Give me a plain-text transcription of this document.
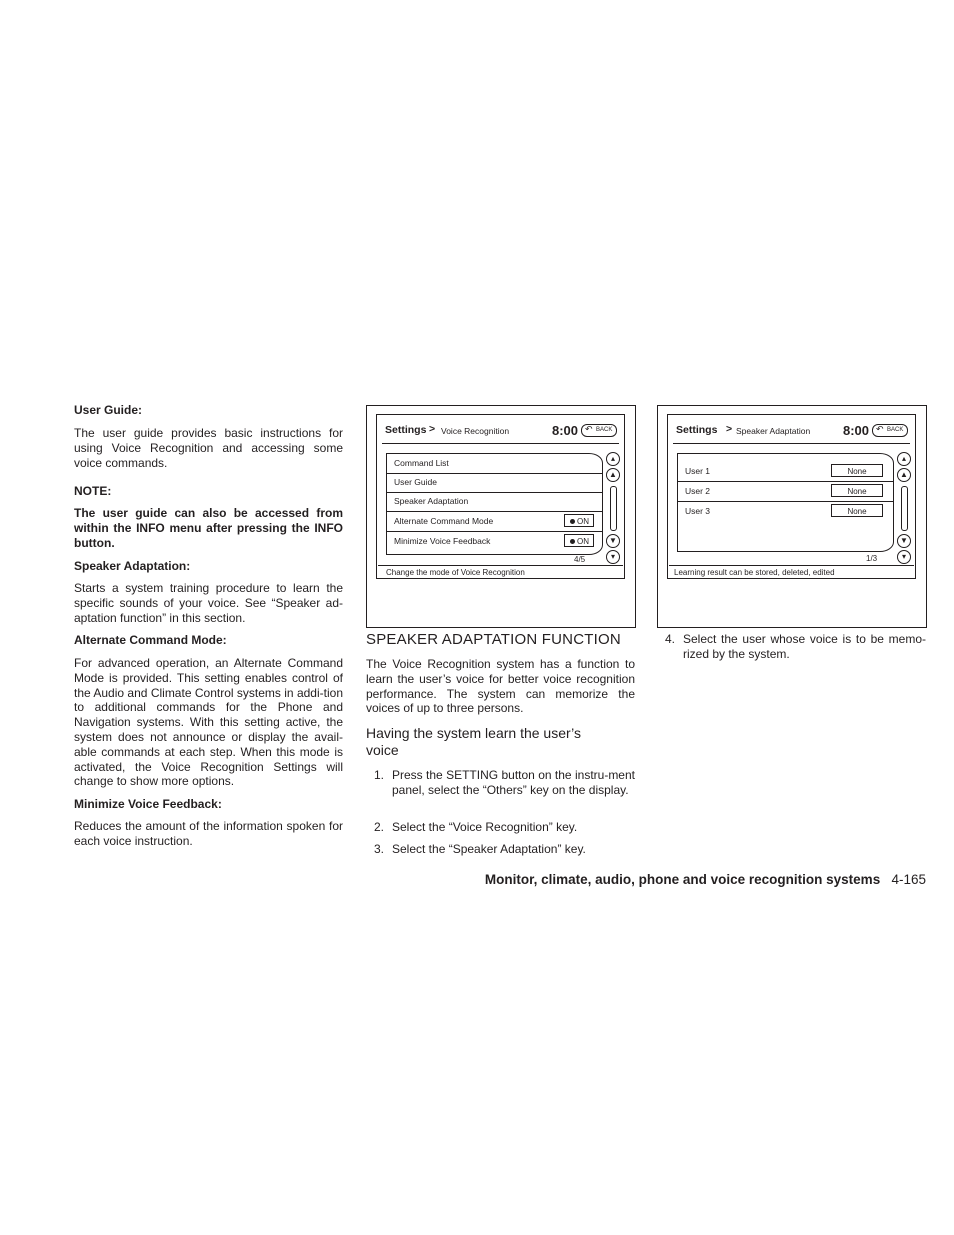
User Guide:

The user guide provides basic instructions for using Voice Recognition and accessing some voice commands.

NOTE:

The user guide can also be accessed from within the INFO menu after pressing the INFO button.

Speaker Adaptation:

Starts a system training procedure to learn the specific sounds of your voice. See “Speaker ad-aptation function” in this section.

Alternate Command Mode:

For advanced operation, an Alternate Command Mode is provided. This setting enables control of the Audio and Climate Control systems in addi-tion to additional commands for the Phone and Navigation systems. With this setting active, the system does not announce or display the avail-able commands at each step. When this mode is activated, the Voice Recognition Settings will change to show more options.

Minimize Voice Feedback:

Reduces the amount of the information spoken for each voice instruction.

Settings > Voice Recognition	8:00	↶ BACK
Command List
User Guide
Speaker Adaptation
Alternate Command Mode	ON
Minimize Voice Feedback	ON
▴
▲
▼
▾
4/5
Change the mode of Voice Recognition
Settings > Speaker Adaptation	8:00	↶ BACK
User 1	None
User 2	None
User 3	None
▴
▲
▼
▾
1/3
Learning result can be stored, deleted, edited
SPEAKER ADAPTATION FUNCTION

The Voice Recognition system has a function to learn the user’s voice for better voice recognition performance. The system can memorize the voices of up to three persons.

Having the system learn the user’s voice
1. Press the SETTING button on the instru-ment panel, select the “Others” key on the display.
2. Select the “Voice Recognition” key.
3. Select the “Speaker Adaptation” key.
4. Select the user whose voice is to be memo-rized by the system.
Monitor, climate, audio, phone and voice recognition systems 4-165
